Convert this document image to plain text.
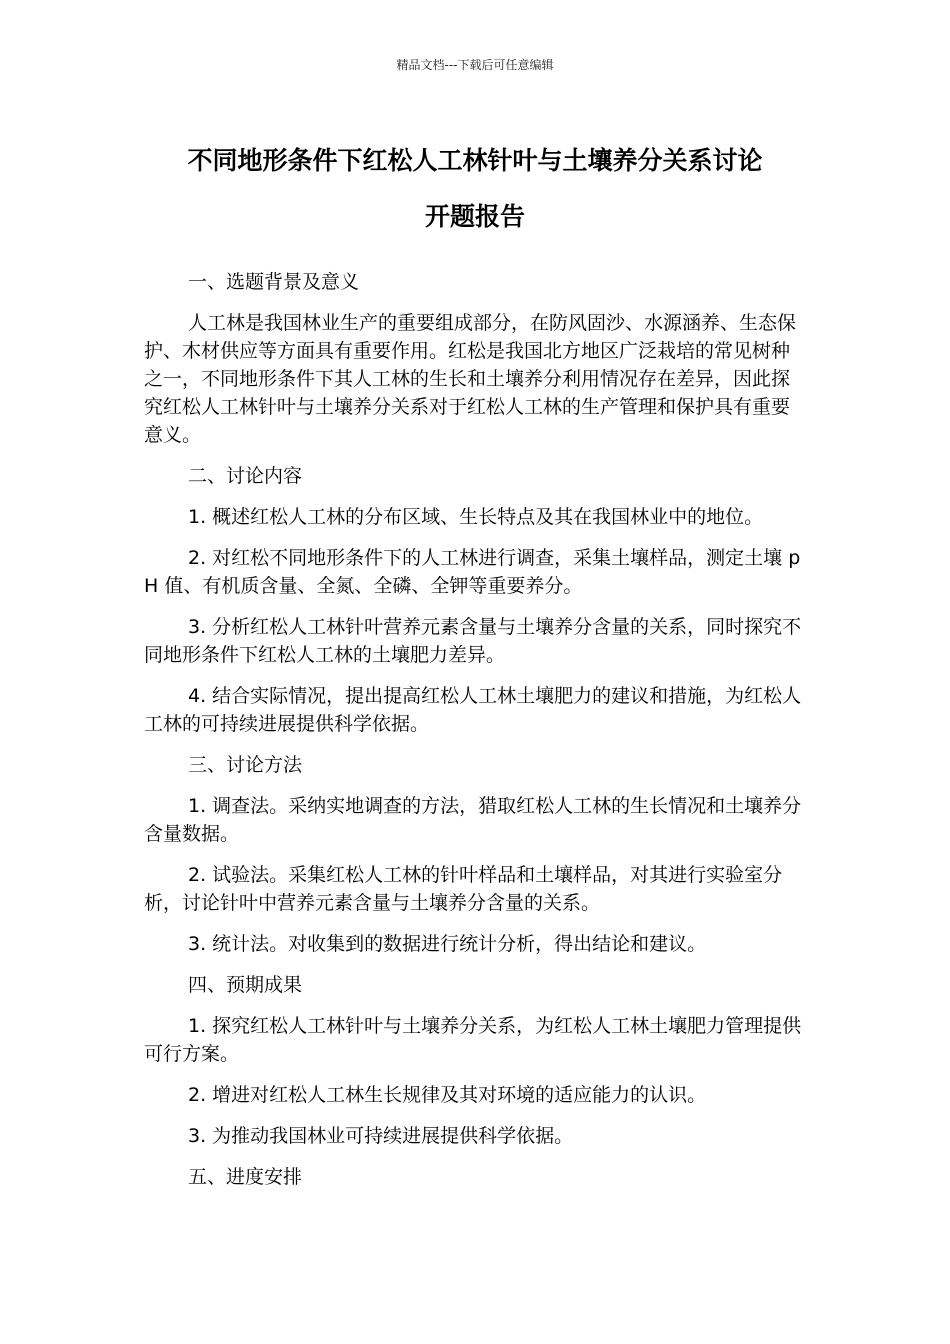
精品文档---下载后可任意编辑
不同地形条件下红松人工林针叶与土壤养分关系讨论
开题报告

一、选题背景及意义

人工林是我国林业生产的重要组成部分，在防风固沙、水源涵养、生态保护、木材供应等方面具有重要作用。红松是我国北方地区广泛栽培的常见树种之一，不同地形条件下其人工林的生长和土壤养分利用情况存在差异，因此探究红松人工林针叶与土壤养分关系对于红松人工林的生产管理和保护具有重要意义。

二、讨论内容

1. 概述红松人工林的分布区域、生长特点及其在我国林业中的地位。

2. 对红松不同地形条件下的人工林进行调查，采集土壤样品，测定土壤 pH 值、有机质含量、全氮、全磷、全钾等重要养分。

3. 分析红松人工林针叶营养元素含量与土壤养分含量的关系，同时探究不同地形条件下红松人工林的土壤肥力差异。

4. 结合实际情况，提出提高红松人工林土壤肥力的建议和措施，为红松人工林的可持续进展提供科学依据。

三、讨论方法

1. 调查法。采纳实地调查的方法，猎取红松人工林的生长情况和土壤养分含量数据。

2. 试验法。采集红松人工林的针叶样品和土壤样品，对其进行实验室分析，讨论针叶中营养元素含量与土壤养分含量的关系。

3. 统计法。对收集到的数据进行统计分析，得出结论和建议。

四、预期成果

1. 探究红松人工林针叶与土壤养分关系，为红松人工林土壤肥力管理提供可行方案。

2. 增进对红松人工林生长规律及其对环境的适应能力的认识。

3. 为推动我国林业可持续进展提供科学依据。

五、进度安排
